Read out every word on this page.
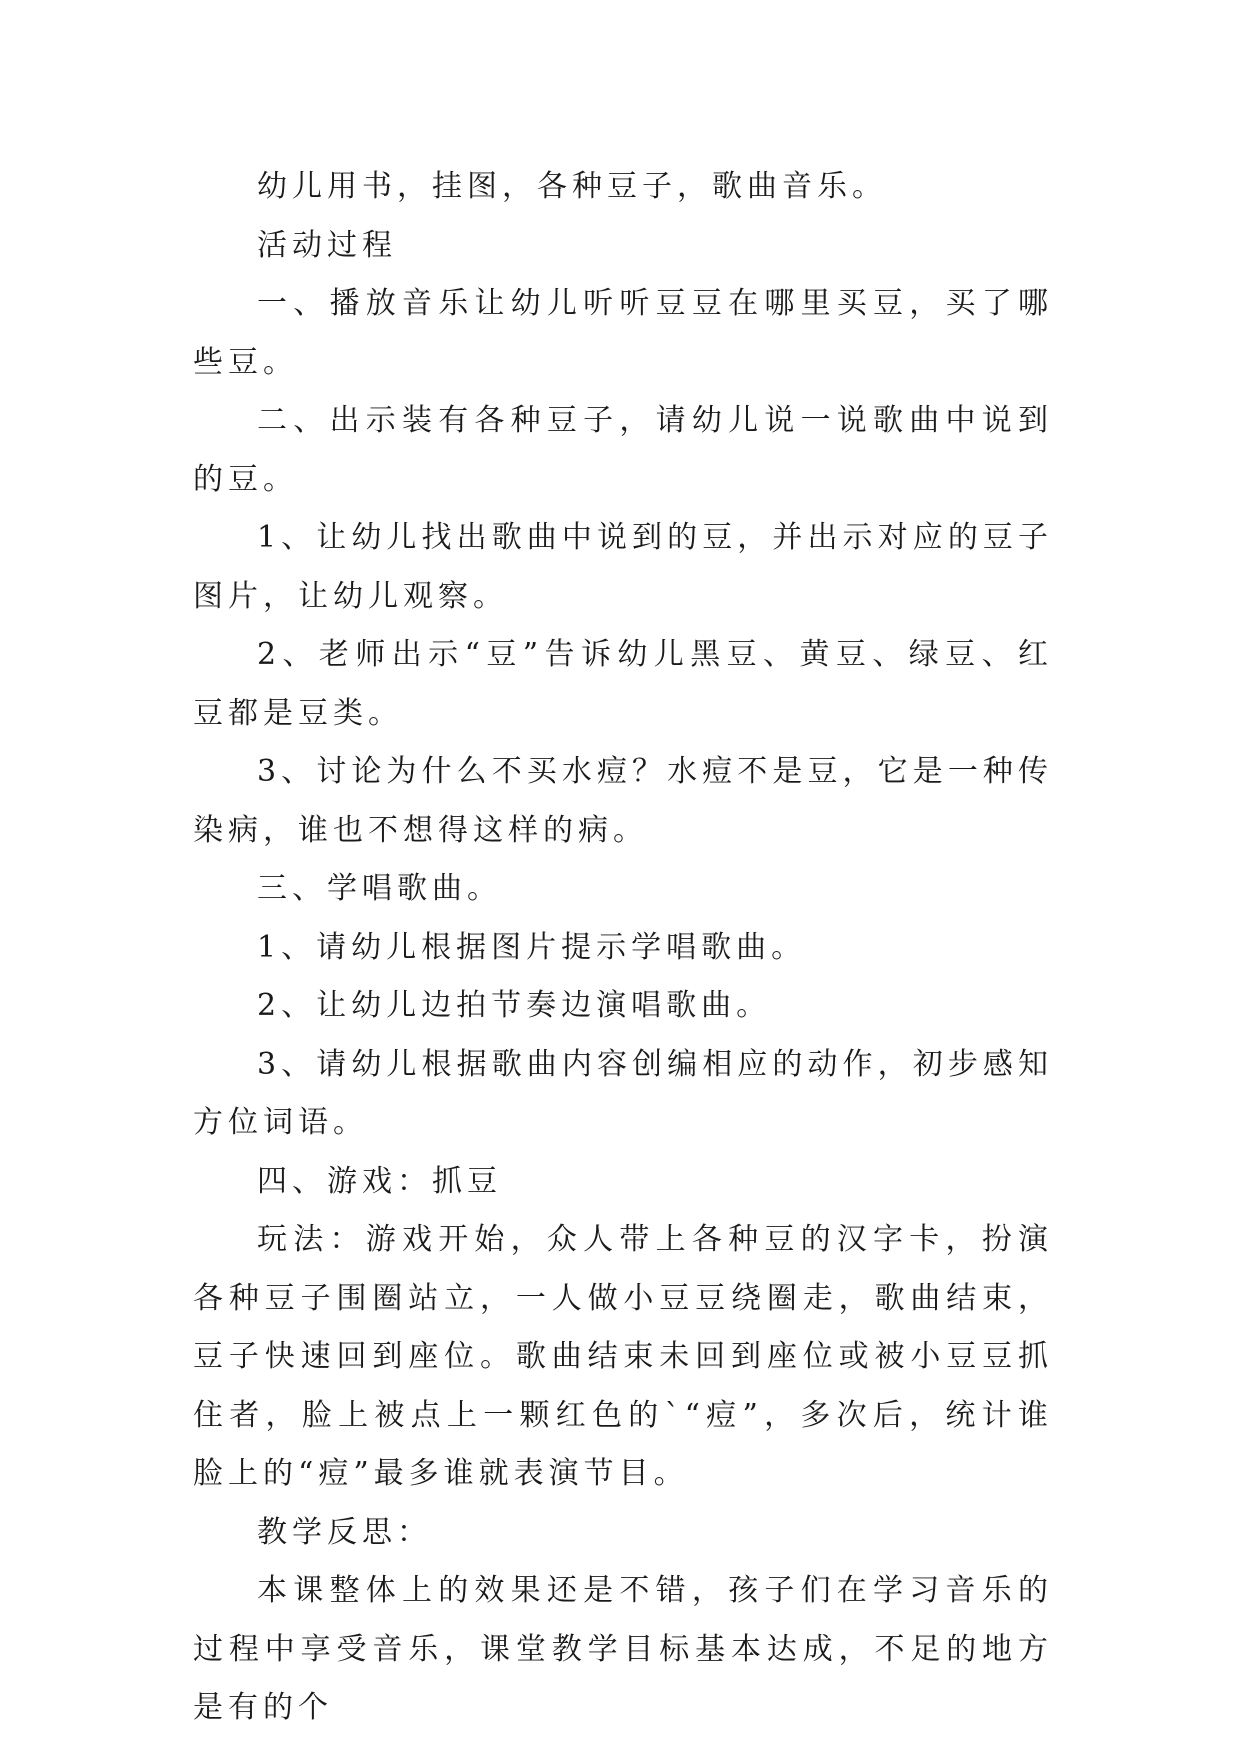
幼儿用书，挂图，各种豆子，歌曲音乐。

活动过程

一、播放音乐让幼儿听听豆豆在哪里买豆，买了哪些豆。

二、出示装有各种豆子，请幼儿说一说歌曲中说到的豆。

1、让幼儿找出歌曲中说到的豆，并出示对应的豆子图片，让幼儿观察。

2、老师出示“豆”告诉幼儿黑豆、黄豆、绿豆、红豆都是豆类。

3、讨论为什么不买水痘？水痘不是豆，它是一种传染病，谁也不想得这样的病。

三、学唱歌曲。

1、请幼儿根据图片提示学唱歌曲。

2、让幼儿边拍节奏边演唱歌曲。

3、请幼儿根据歌曲内容创编相应的动作，初步感知方位词语。

四、游戏：抓豆

玩法：游戏开始，众人带上各种豆的汉字卡，扮演各种豆子围圈站立，一人做小豆豆绕圈走，歌曲结束，豆子快速回到座位。歌曲结束未回到座位或被小豆豆抓住者，脸上被点上一颗红色的`“痘”，多次后，统计谁脸上的“痘”最多谁就表演节目。

教学反思：

本课整体上的效果还是不错，孩子们在学习音乐的过程中享受音乐，课堂教学目标基本达成，不足的地方是有的个
